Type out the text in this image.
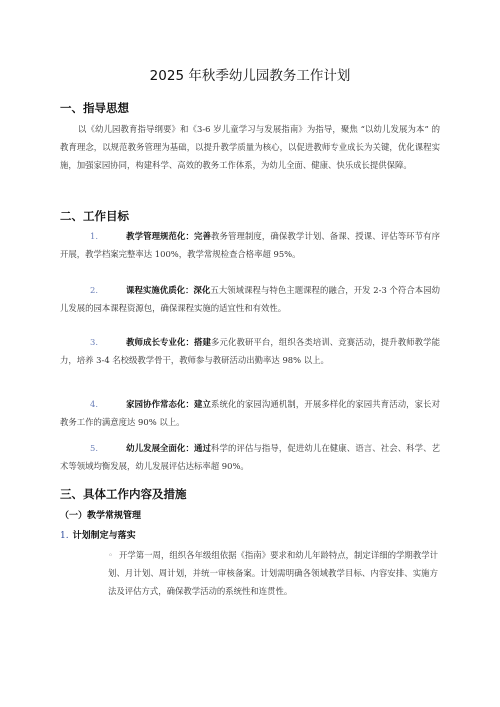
2025 年秋季幼儿园教务工作计划
一、指导思想
以《幼儿园教育指导纲要》和《3-6 岁儿童学习与发展指南》为指导，聚焦 “以幼儿发展为本” 的教育理念，以规范教务管理为基础，以提升教学质量为核心，以促进教师专业成长为关键，优化课程实施，加强家园协同，构建科学、高效的教务工作体系，为幼儿全面、健康、快乐成长提供保障。
二、工作目标
1.	教学管理规范化：完善教务管理制度，确保教学计划、备课、授课、评估等环节有序开展，教学档案完整率达 100%，教学常规检查合格率超 95%。
2.	课程实施优质化：深化五大领域课程与特色主题课程的融合，开发 2-3 个符合本园幼儿发展的园本课程资源包，确保课程实施的适宜性和有效性。
3.	教师成长专业化：搭建多元化教研平台，组织各类培训、竞赛活动，提升教师教学能力，培养 3-4 名校级教学骨干，教师参与教研活动出勤率达 98% 以上。
4.	家园协作常态化：建立系统化的家园沟通机制，开展多样化的家园共育活动，家长对教务工作的满意度达 90% 以上。
5.	幼儿发展全面化：通过科学的评估与指导，促进幼儿在健康、语言、社会、科学、艺术等领域均衡发展，幼儿发展评估达标率超 90%。
三、具体工作内容及措施
（一）教学常规管理
1. 计划制定与落实
◦ 开学第一周，组织各年级组依据《指南》要求和幼儿年龄特点，制定详细的学期教学计划、月计划、周计划，并统一审核备案。计划需明确各领域教学目标、内容安排、实施方法及评估方式，确保教学活动的系统性和连贯性。
